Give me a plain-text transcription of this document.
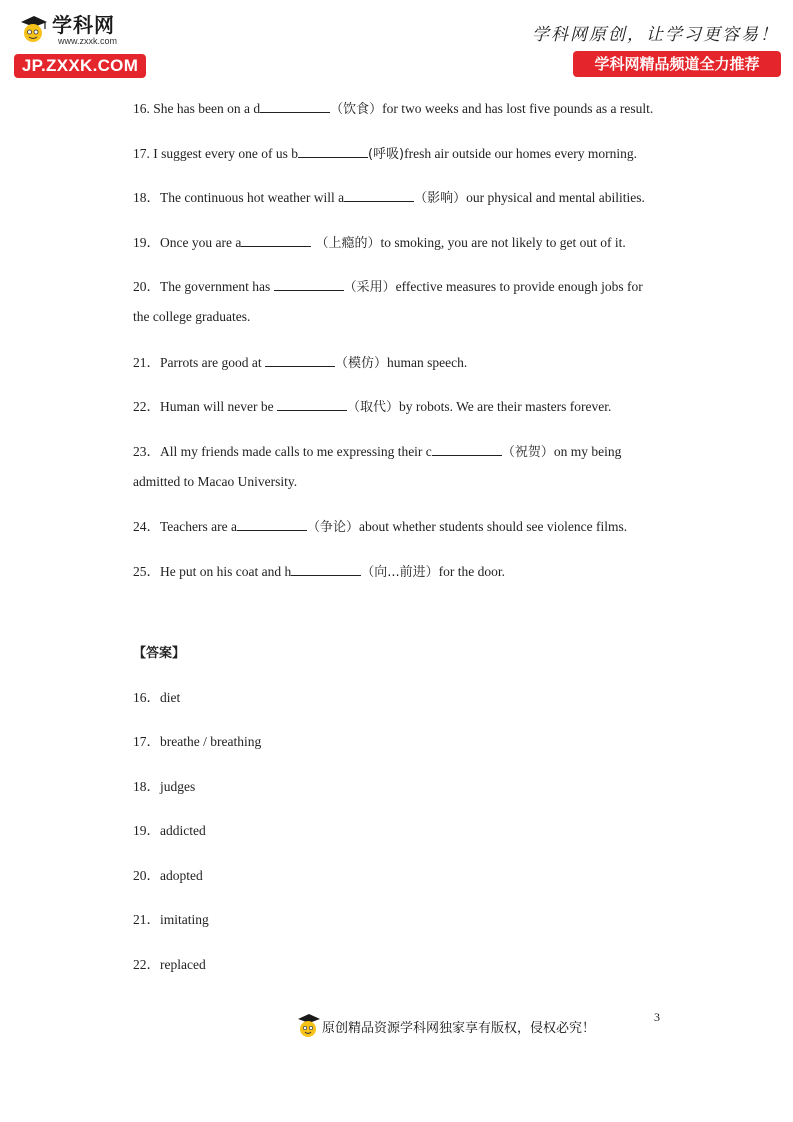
学科网
www.zxxk.com
JP.ZXXK.COM
学科网原创，让学习更容易！
学科网精品频道全力推荐
16. She has been on a d	（饮食）for two weeks and has lost five pounds as a result.
17. I suggest every one of us b	(呼吸)fresh air outside our homes every morning.
18．The continuous hot weather will a	（影响）our physical and mental abilities.
19．Once you are a	（上瘾的）to smoking, you are not likely to get out of it.
20．The government has	（采用）effective measures to provide enough jobs for
the college graduates.
21．Parrots are good at	（模仿）human speech.
22．Human will never be	（取代）by robots. We are their masters forever.
23．All my friends made calls to me expressing their c	（祝贺）on my being
admitted to Macao University.
24．Teachers are a	（争论）about whether students should see violence films.
25．He put on his coat and h	（向...前进）for the door.
【答案】
16．diet
17．breathe / breathing
18．judges
19．addicted
20．adopted
21．imitating
22．replaced
3
原创精品资源学科网独家享有版权，侵权必究！
